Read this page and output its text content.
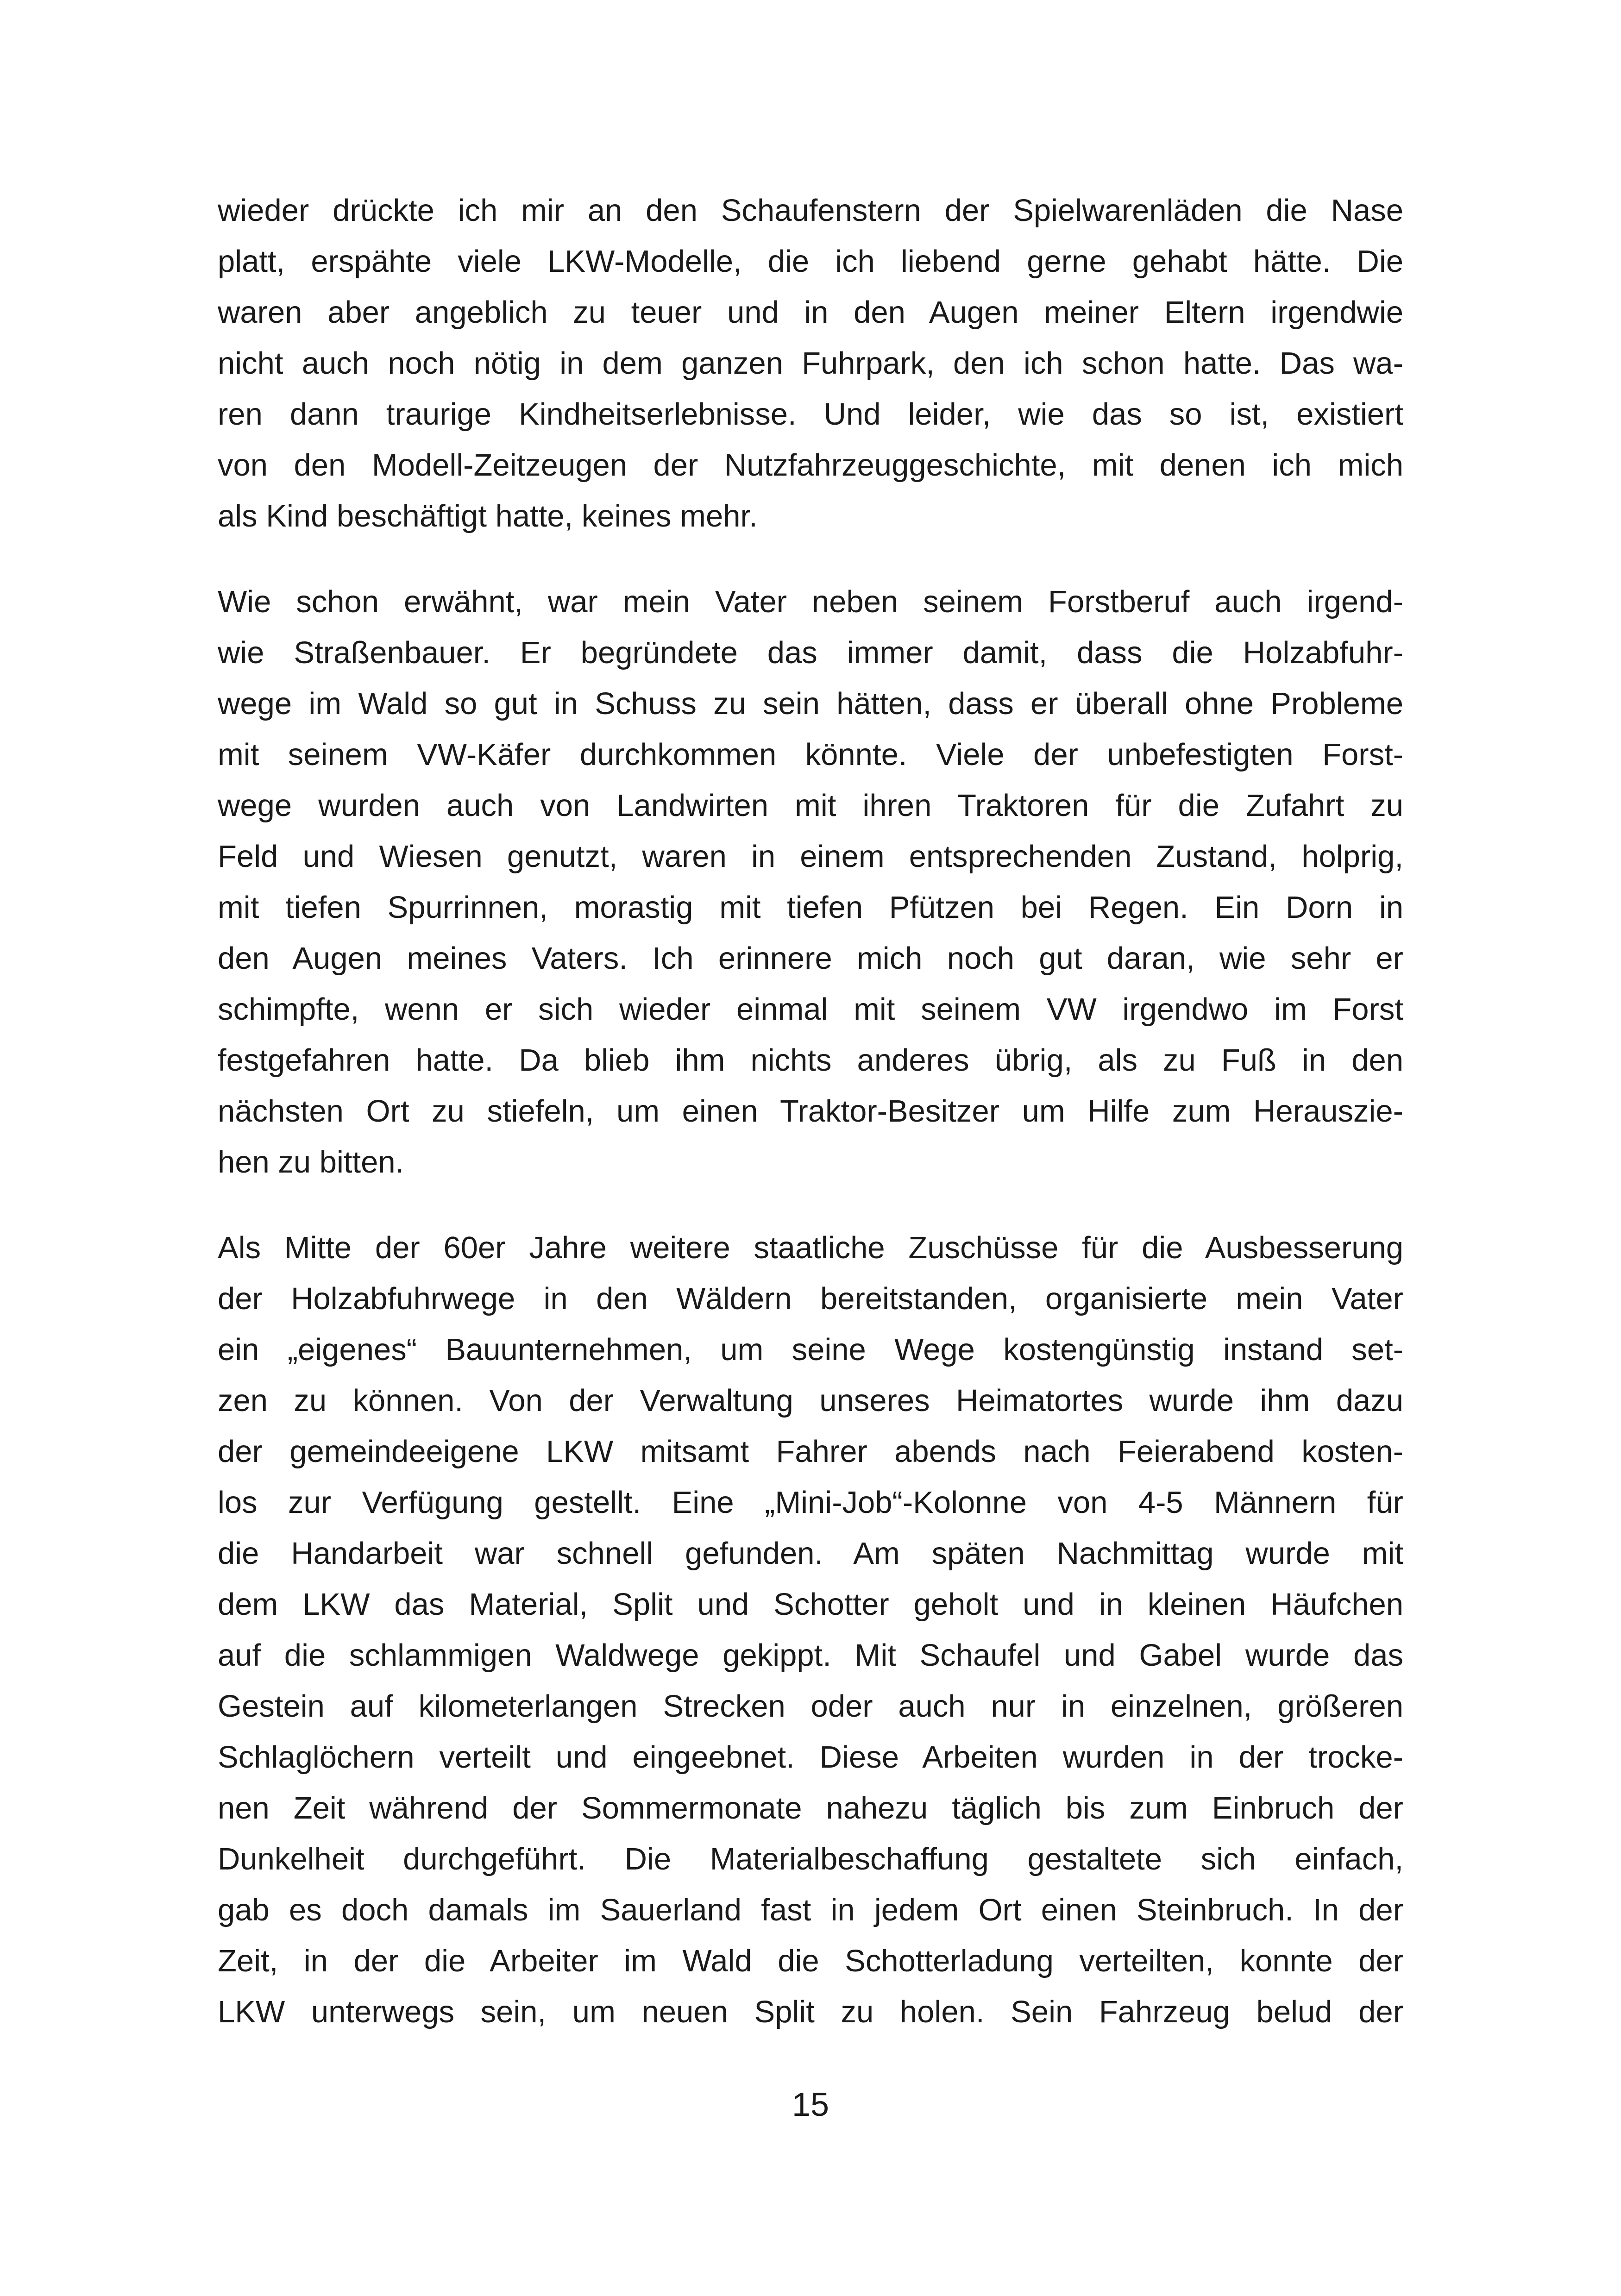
wieder drückte ich mir an den Schaufenstern der Spielwarenläden die Nase
platt, erspähte viele LKW-Modelle, die ich liebend gerne gehabt hätte. Die
waren aber angeblich zu teuer und in den Augen meiner Eltern irgendwie
nicht auch noch nötig in dem ganzen Fuhrpark, den ich schon hatte. Das wa-
ren dann traurige Kindheitserlebnisse. Und leider, wie das so ist, existiert
von den Modell-Zeitzeugen der Nutzfahrzeuggeschichte, mit denen ich mich
als Kind beschäftigt hatte, keines mehr.
Wie schon erwähnt, war mein Vater neben seinem Forstberuf auch irgend-
wie Straßenbauer. Er begründete das immer damit, dass die Holzabfuhr-
wege im Wald so gut in Schuss zu sein hätten, dass er überall ohne Probleme
mit seinem VW-Käfer durchkommen könnte. Viele der unbefestigten Forst-
wege wurden auch von Landwirten mit ihren Traktoren für die Zufahrt zu
Feld und Wiesen genutzt, waren in einem entsprechenden Zustand, holprig,
mit tiefen Spurrinnen, morastig mit tiefen Pfützen bei Regen. Ein Dorn in
den Augen meines Vaters. Ich erinnere mich noch gut daran, wie sehr er
schimpfte, wenn er sich wieder einmal mit seinem VW irgendwo im Forst
festgefahren hatte. Da blieb ihm nichts anderes übrig, als zu Fuß in den
nächsten Ort zu stiefeln, um einen Traktor-Besitzer um Hilfe zum Herauszie-
hen zu bitten.
Als Mitte der 60er Jahre weitere staatliche Zuschüsse für die Ausbesserung
der Holzabfuhrwege in den Wäldern bereitstanden, organisierte mein Vater
ein „eigenes“ Bauunternehmen, um seine Wege kostengünstig instand set-
zen zu können. Von der Verwaltung unseres Heimatortes wurde ihm dazu
der gemeindeeigene LKW mitsamt Fahrer abends nach Feierabend kosten-
los zur Verfügung gestellt. Eine „Mini-Job“-Kolonne von 4-5 Männern für
die Handarbeit war schnell gefunden. Am späten Nachmittag wurde mit
dem LKW das Material, Split und Schotter geholt und in kleinen Häufchen
auf die schlammigen Waldwege gekippt. Mit Schaufel und Gabel wurde das
Gestein auf kilometerlangen Strecken oder auch nur in einzelnen, größeren
Schlaglöchern verteilt und eingeebnet. Diese Arbeiten wurden in der trocke-
nen Zeit während der Sommermonate nahezu täglich bis zum Einbruch der
Dunkelheit durchgeführt. Die Materialbeschaffung gestaltete sich einfach,
gab es doch damals im Sauerland fast in jedem Ort einen Steinbruch. In der
Zeit, in der die Arbeiter im Wald die Schotterladung verteilten, konnte der
LKW unterwegs sein, um neuen Split zu holen. Sein Fahrzeug belud der
15
